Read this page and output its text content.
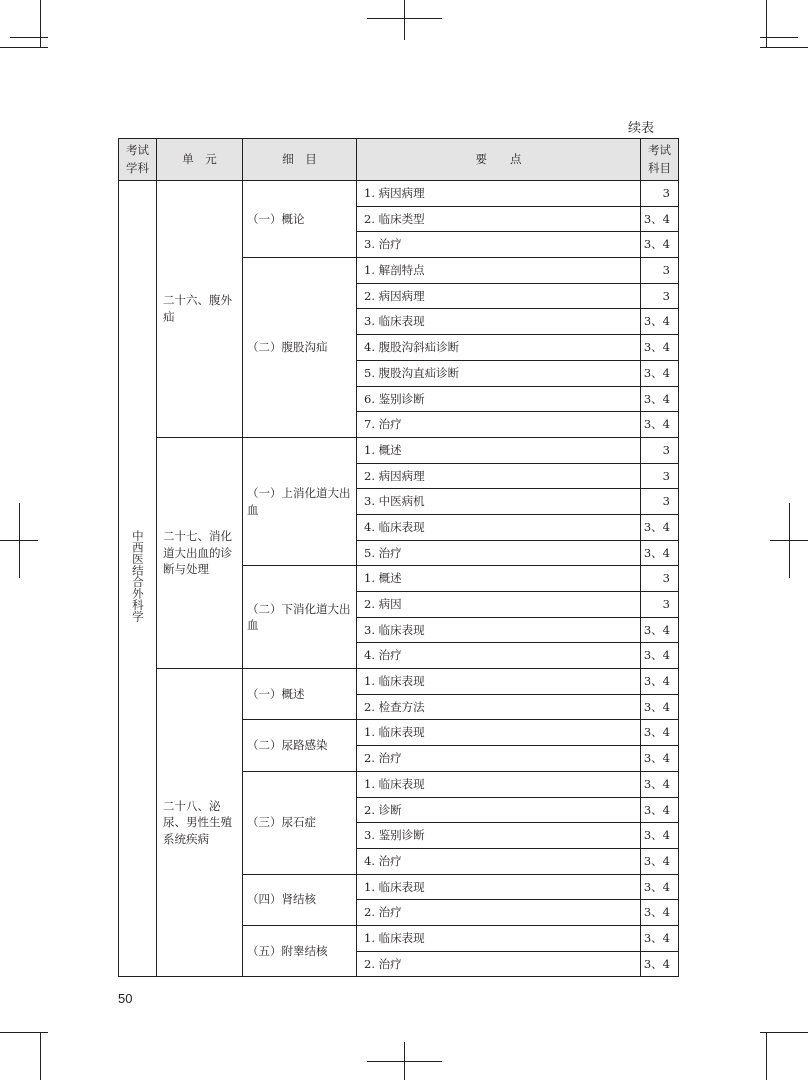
续表
考试
学科	单　元	细　目	要　　点	考试
科目
中西医结合外科学	二十六、腹外疝	（一）概论	1. 病因病理	3
			2. 临床类型	3、4
			3. 治疗	3、4
		（二）腹股沟疝	1. 解剖特点	3
			2. 病因病理	3
			3. 临床表现	3、4
			4. 腹股沟斜疝诊断	3、4
			5. 腹股沟直疝诊断	3、4
			6. 鉴别诊断	3、4
			7. 治疗	3、4
	二十七、消化道大出血的诊断与处理	（一）上消化道大出血	1. 概述	3
			2. 病因病理	3
			3. 中医病机	3
			4. 临床表现	3、4
			5. 治疗	3、4
		（二）下消化道大出血	1. 概述	3
			2. 病因	3
			3. 临床表现	3、4
			4. 治疗	3、4
	二十八、泌尿、男性生殖系统疾病	（一）概述	1. 临床表现	3、4
			2. 检查方法	3、4
		（二）尿路感染	1. 临床表现	3、4
			2. 治疗	3、4
		（三）尿石症	1. 临床表现	3、4
			2. 诊断	3、4
			3. 鉴别诊断	3、4
			4. 治疗	3、4
		（四）肾结核	1. 临床表现	3、4
			2. 治疗	3、4
		（五）附睾结核	1. 临床表现	3、4
			2. 治疗	3、4
50
